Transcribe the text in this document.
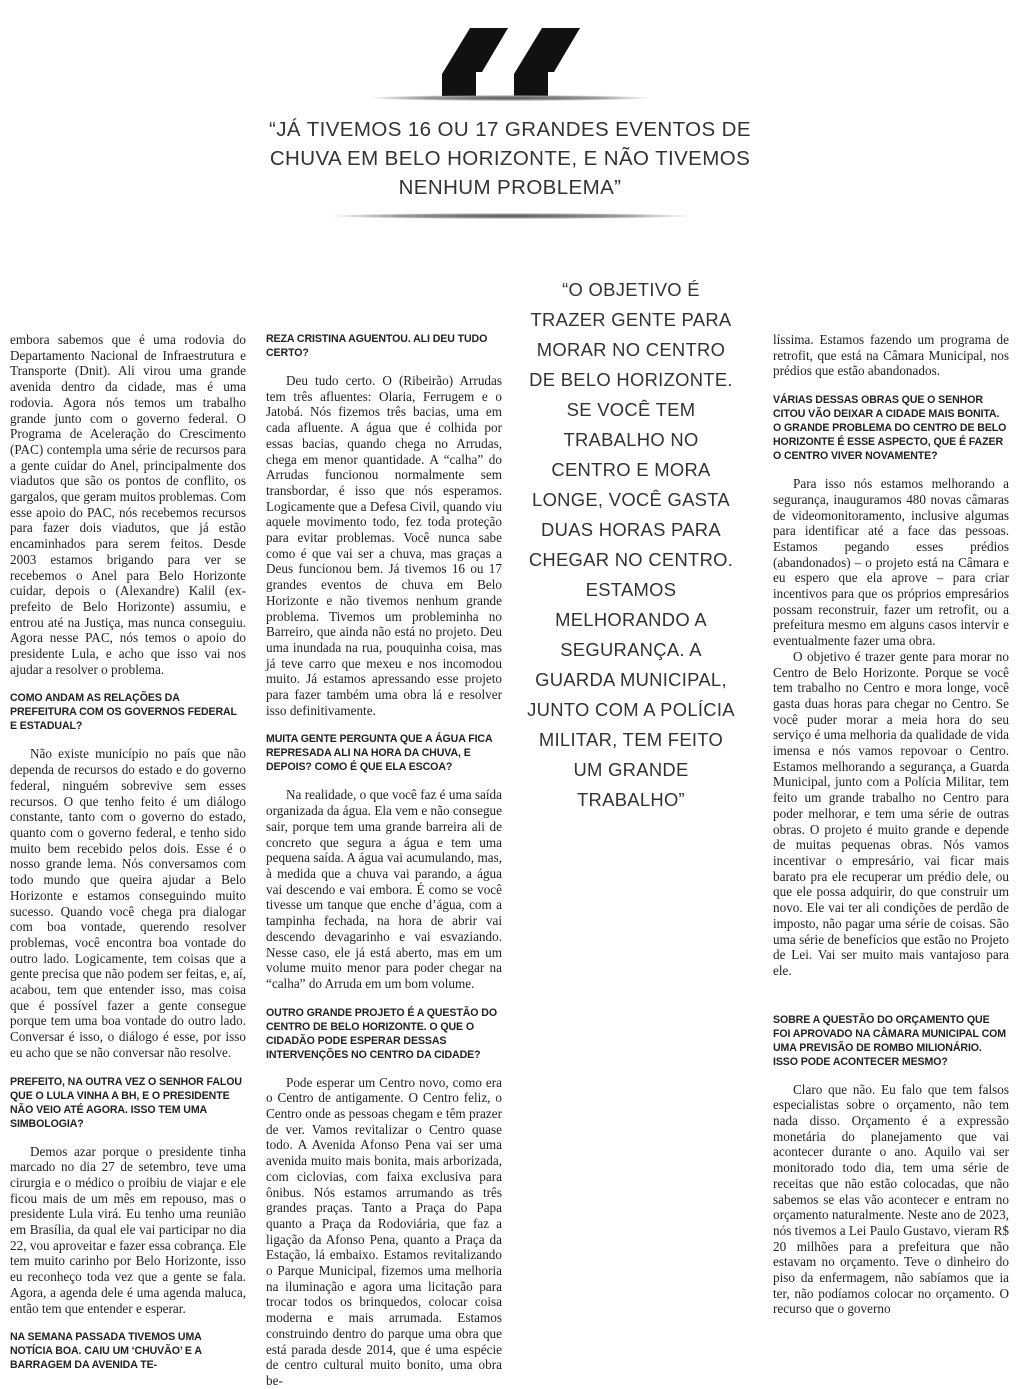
“JÁ TIVEMOS 16 OU 17 GRANDES EVENTOS DE CHUVA EM BELO HORIZONTE, E NÃO TIVEMOS NENHUM PROBLEMA”

embora sabemos que é uma rodovia do Departamento Nacional de Infraestrutura e Transporte (Dnit). Ali virou uma grande avenida dentro da cidade, mas é uma rodovia. Agora nós temos um trabalho grande junto com o governo federal. O Programa de Aceleração do Crescimento (PAC) contempla uma série de recursos para a gente cuidar do Anel, principalmente dos viadutos que são os pontos de conflito, os gargalos, que geram muitos problemas. Com esse apoio do PAC, nós recebemos recursos para fazer dois viadutos, que já estão encaminhados para serem feitos. Desde 2003 estamos brigando para ver se recebemos o Anel para Belo Horizonte cuidar, depois o (Alexandre) Kalil (ex-prefeito de Belo Horizonte) assumiu, e entrou até na Justiça, mas nunca conseguiu. Agora nesse PAC, nós temos o apoio do presidente Lula, e acho que isso vai nos ajudar a resolver o problema.

COMO ANDAM AS RELAÇÕES DA PREFEITURA COM OS GOVERNOS FEDERAL E ESTADUAL?

Não existe município no país que não dependa de recursos do estado e do governo federal, ninguém sobrevive sem esses recursos. O que tenho feito é um diálogo constante, tanto com o governo do estado, quanto com o governo federal, e tenho sido muito bem recebido pelos dois. Esse é o nosso grande lema. Nós conversamos com todo mundo que queira ajudar a Belo Horizonte e estamos conseguindo muito sucesso. Quando você chega pra dialogar com boa vontade, querendo resolver problemas, você encontra boa vontade do outro lado. Logicamente, tem coisas que a gente precisa que não podem ser feitas, e, aí, acabou, tem que entender isso, mas coisa que é possível fazer a gente consegue porque tem uma boa vontade do outro lado. Conversar é isso, o diálogo é esse, por isso eu acho que se não conversar não resolve.

PREFEITO, NA OUTRA VEZ O SENHOR FALOU QUE O LULA VINHA A BH, E O PRESIDENTE NÃO VEIO ATÉ AGORA. ISSO TEM UMA SIMBOLOGIA?

Demos azar porque o presidente tinha marcado no dia 27 de setembro, teve uma cirurgia e o médico o proibiu de viajar e ele ficou mais de um mês em repouso, mas o presidente Lula virá. Eu tenho uma reunião em Brasília, da qual ele vai participar no dia 22, vou aproveitar e fazer essa cobrança. Ele tem muito carinho por Belo Horizonte, isso eu reconheço toda vez que a gente se fala. Agora, a agenda dele é uma agenda maluca, então tem que entender e esperar.

NA SEMANA PASSADA TIVEMOS UMA NOTÍCIA BOA. CAIU UM ‘CHUVÃO’ E A BARRAGEM DA AVENIDA TE-
REZA CRISTINA AGUENTOU. ALI DEU TUDO CERTO?

Deu tudo certo. O (Ribeirão) Arrudas tem três afluentes: Olaria, Ferrugem e o Jatobá. Nós fizemos três bacias, uma em cada afluente. A água que é colhida por essas bacias, quando chega no Arrudas, chega em menor quantidade. A “calha” do Arrudas funcionou normalmente sem transbordar, é isso que nós esperamos. Logicamente que a Defesa Civil, quando viu aquele movimento todo, fez toda proteção para evitar problemas. Você nunca sabe como é que vai ser a chuva, mas graças a Deus funcionou bem. Já tivemos 16 ou 17 grandes eventos de chuva em Belo Horizonte e não tivemos nenhum grande problema. Tivemos um probleminha no Barreiro, que ainda não está no projeto. Deu uma inundada na rua, pouquinha coisa, mas já teve carro que mexeu e nos incomodou muito. Já estamos apressando esse projeto para fazer também uma obra lá e resolver isso definitivamente.

MUITA GENTE PERGUNTA QUE A ÁGUA FICA REPRESADA ALI NA HORA DA CHUVA, E DEPOIS? COMO É QUE ELA ESCOA?

Na realidade, o que você faz é uma saída organizada da água. Ela vem e não consegue sair, porque tem uma grande barreira ali de concreto que segura a água e tem uma pequena saída. A água vai acumulando, mas, à medida que a chuva vai parando, a água vai descendo e vai embora. É como se você tivesse um tanque que enche d’água, com a tampinha fechada, na hora de abrir vai descendo devagarinho e vai esvaziando. Nesse caso, ele já está aberto, mas em um volume muito menor para poder chegar na “calha” do Arruda em um bom volume.

OUTRO GRANDE PROJETO É A QUESTÃO DO CENTRO DE BELO HORIZONTE. O QUE O CIDADÃO PODE ESPERAR DESSAS INTERVENÇÕES NO CENTRO DA CIDADE?

Pode esperar um Centro novo, como era o Centro de antigamente. O Centro feliz, o Centro onde as pessoas chegam e têm prazer de ver. Vamos revitalizar o Centro quase todo. A Avenida Afonso Pena vai ser uma avenida muito mais bonita, mais arborizada, com ciclovias, com faixa exclusiva para ônibus. Nós estamos arrumando as três grandes praças. Tanto a Praça do Papa quanto a Praça da Rodoviária, que faz a ligação da Afonso Pena, quanto a Praça da Estação, lá embaixo. Estamos revitalizando o Parque Municipal, fizemos uma melhoria na iluminação e agora uma licitação para trocar todos os brinquedos, colocar coisa moderna e mais arrumada. Estamos construindo dentro do parque uma obra que está parada desde 2014, que é uma espécie de centro cultural muito bonito, uma obra be-

“O OBJETIVO É TRAZER GENTE PARA MORAR NO CENTRO DE BELO HORIZONTE. SE VOCÊ TEM TRABALHO NO CENTRO E MORA LONGE, VOCÊ GASTA DUAS HORAS PARA CHEGAR NO CENTRO. ESTAMOS MELHORANDO A SEGURANÇA. A GUARDA MUNICIPAL, JUNTO COM A POLÍCIA MILITAR, TEM FEITO UM GRANDE TRABALHO”

líssima. Estamos fazendo um programa de retrofit, que está na Câmara Municipal, nos prédios que estão abandonados.

VÁRIAS DESSAS OBRAS QUE O SENHOR CITOU VÃO DEIXAR A CIDADE MAIS BONITA. O GRANDE PROBLEMA DO CENTRO DE BELO HORIZONTE É ESSE ASPECTO, QUE É FAZER O CENTRO VIVER NOVAMENTE?

Para isso nós estamos melhorando a segurança, inauguramos 480 novas câmaras de videomonitoramento, inclusive algumas para identificar até a face das pessoas. Estamos pegando esses prédios (abandonados) – o projeto está na Câmara e eu espero que ela aprove – para criar incentivos para que os próprios empresários possam reconstruir, fazer um retrofit, ou a prefeitura mesmo em alguns casos intervir e eventualmente fazer uma obra.

O objetivo é trazer gente para morar no Centro de Belo Horizonte. Porque se você tem trabalho no Centro e mora longe, você gasta duas horas para chegar no Centro. Se você puder morar a meia hora do seu serviço é uma melhoria da qualidade de vida imensa e nós vamos repovoar o Centro. Estamos melhorando a segurança, a Guarda Municipal, junto com a Polícia Militar, tem feito um grande trabalho no Centro para poder melhorar, e tem uma série de outras obras. O projeto é muito grande e depende de muitas pequenas obras. Nós vamos incentivar o empresário, vai ficar mais barato pra ele recuperar um prédio dele, ou que ele possa adquirir, do que construir um novo. Ele vai ter ali condições de perdão de imposto, não pagar uma série de coisas. São uma série de benefícios que estão no Projeto de Lei. Vai ser muito mais vantajoso para ele.

SOBRE A QUESTÃO DO ORÇAMENTO QUE FOI APROVADO NA CÂMARA MUNICIPAL COM UMA PREVISÃO DE ROMBO MILIONÁRIO. ISSO PODE ACONTECER MESMO?

Claro que não. Eu falo que tem falsos especialistas sobre o orçamento, não tem nada disso. Orçamento é a expressão monetária do planejamento que vai acontecer durante o ano. Aquilo vai ser monitorado todo dia, tem uma série de receitas que não estão colocadas, que não sabemos se elas vão acontecer e entram no orçamento naturalmente. Neste ano de 2023, nós tivemos a Lei Paulo Gustavo, vieram R$ 20 milhões para a prefeitura que não estavam no orçamento. Teve o dinheiro do piso da enfermagem, não sabíamos que ia ter, não podíamos colocar no orçamento. O recurso que o governo
